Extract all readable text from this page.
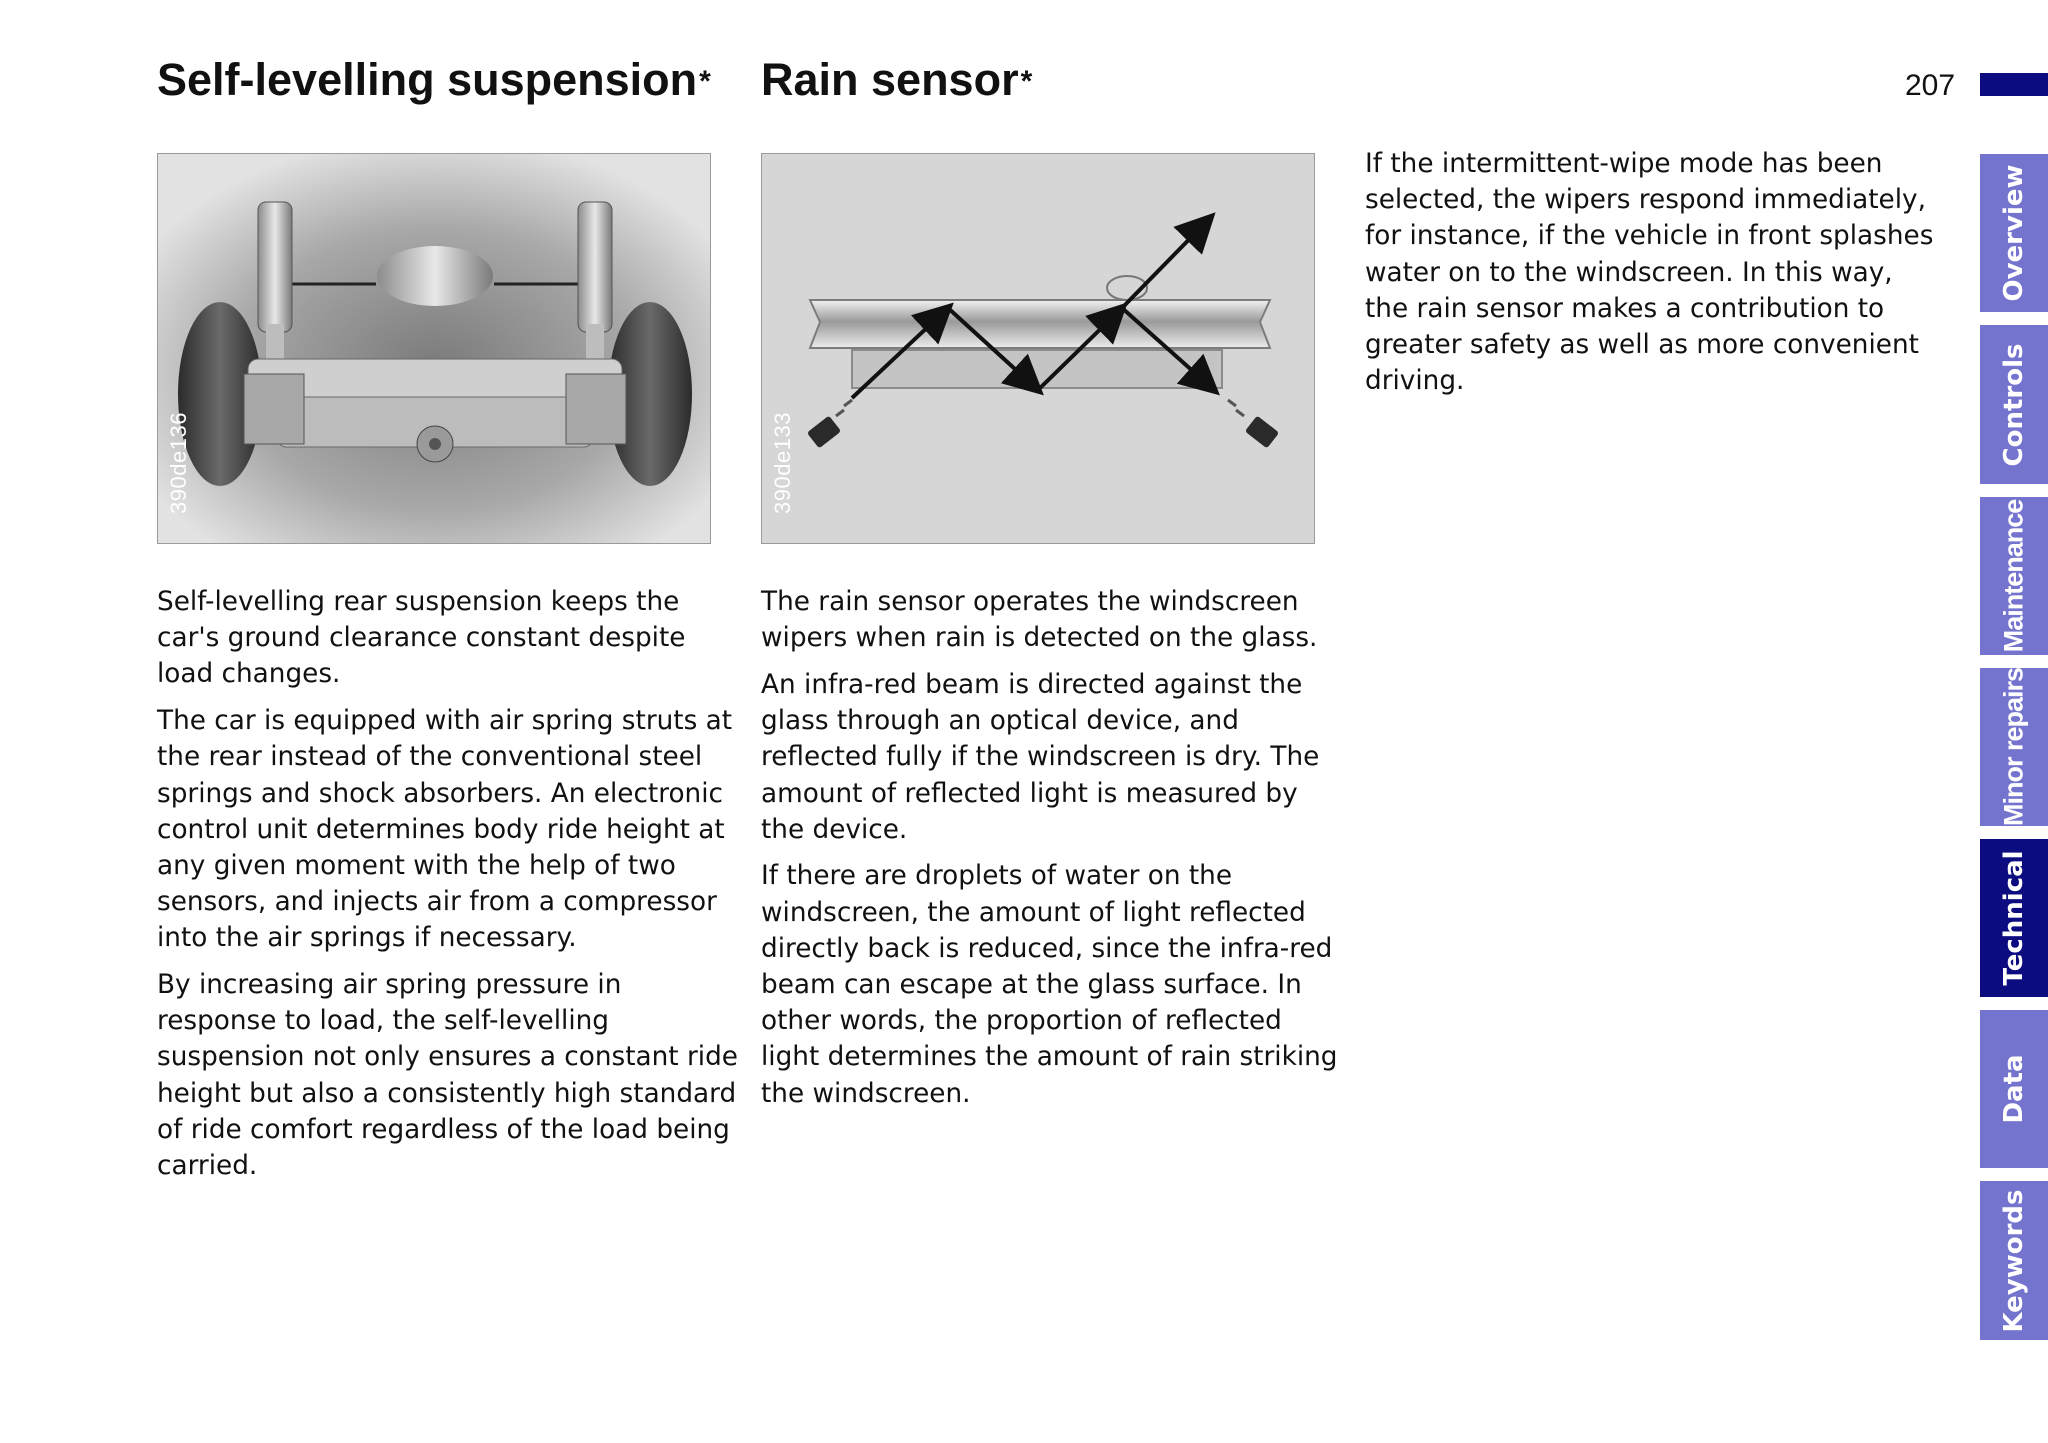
Self-levelling suspension* Rain sensor*	207
390de136	390de133

Self-levelling rear suspension keeps the car's ground clearance constant despite load changes.

The car is equipped with air spring struts at the rear instead of the conventional steel springs and shock absorbers. An electronic control unit determines body ride height at any given moment with the help of two sensors, and injects air from a compressor into the air springs if necessary.

By increasing air spring pressure in response to load, the self-levelling suspension not only ensures a constant ride height but also a consistently high standard of ride comfort regardless of the load being carried.

The rain sensor operates the windscreen wipers when rain is detected on the glass.

An infra-red beam is directed against the glass through an optical device, and reflected fully if the windscreen is dry. The amount of reflected light is measured by the device.

If there are droplets of water on the windscreen, the amount of light reflected directly back is reduced, since the infra-red beam can escape at the glass surface. In other words, the proportion of reflected light determines the amount of rain striking the windscreen.

If the intermittent-wipe mode has been selected, the wipers respond immediately, for instance, if the vehicle in front splashes water on to the windscreen. In this way, the rain sensor makes a contribution to greater safety as well as more convenient driving.

Overview
Controls
Maintenance
Minor repairs
Technical
Data
Keywords
